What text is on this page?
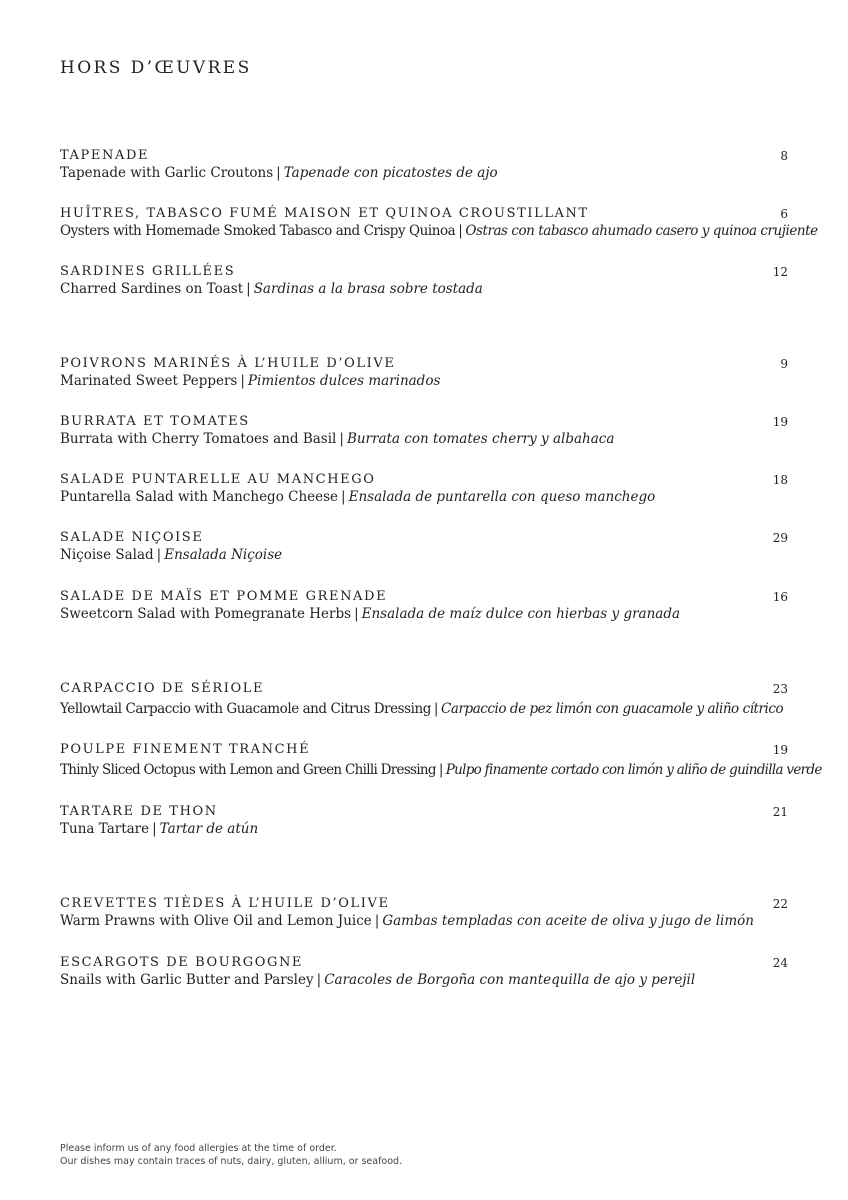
HORS D’ŒUVRES
TAPENADE	8
Tapenade with Garlic Croutons | Tapenade con picatostes de ajo
HUÎTRES, TABASCO FUMÉ MAISON ET QUINOA CROUSTILLANT	6
Oysters with Homemade Smoked Tabasco and Crispy Quinoa | Ostras con tabasco ahumado casero y quinoa crujiente
SARDINES GRILLÉES	12
Charred Sardines on Toast | Sardinas a la brasa sobre tostada
POIVRONS MARINÉS À L’HUILE D’OLIVE	9
Marinated Sweet Peppers | Pimientos dulces marinados
BURRATA ET TOMATES	19
Burrata with Cherry Tomatoes and Basil | Burrata con tomates cherry y albahaca
SALADE PUNTARELLE AU MANCHEGO	18
Puntarella Salad with Manchego Cheese | Ensalada de puntarella con queso manchego
SALADE NIÇOISE	29
Niçoise Salad | Ensalada Niçoise
SALADE DE MAÏS ET POMME GRENADE	16
Sweetcorn Salad with Pomegranate Herbs | Ensalada de maíz dulce con hierbas y granada
CARPACCIO DE SÉRIOLE	23
Yellowtail Carpaccio with Guacamole and Citrus Dressing | Carpaccio de pez limón con guacamole y aliño cítrico
POULPE FINEMENT TRANCHÉ	19
Thinly Sliced Octopus with Lemon and Green Chilli Dressing | Pulpo finamente cortado con limón y aliño de guindilla verde
TARTARE DE THON	21
Tuna Tartare | Tartar de atún
CREVETTES TIÈDES À L’HUILE D’OLIVE	22
Warm Prawns with Olive Oil and Lemon Juice | Gambas templadas con aceite de oliva y jugo de limón
ESCARGOTS DE BOURGOGNE	24
Snails with Garlic Butter and Parsley | Caracoles de Borgoña con mantequilla de ajo y perejil
Please inform us of any food allergies at the time of order.
Our dishes may contain traces of nuts, dairy, gluten, allium, or seafood.
